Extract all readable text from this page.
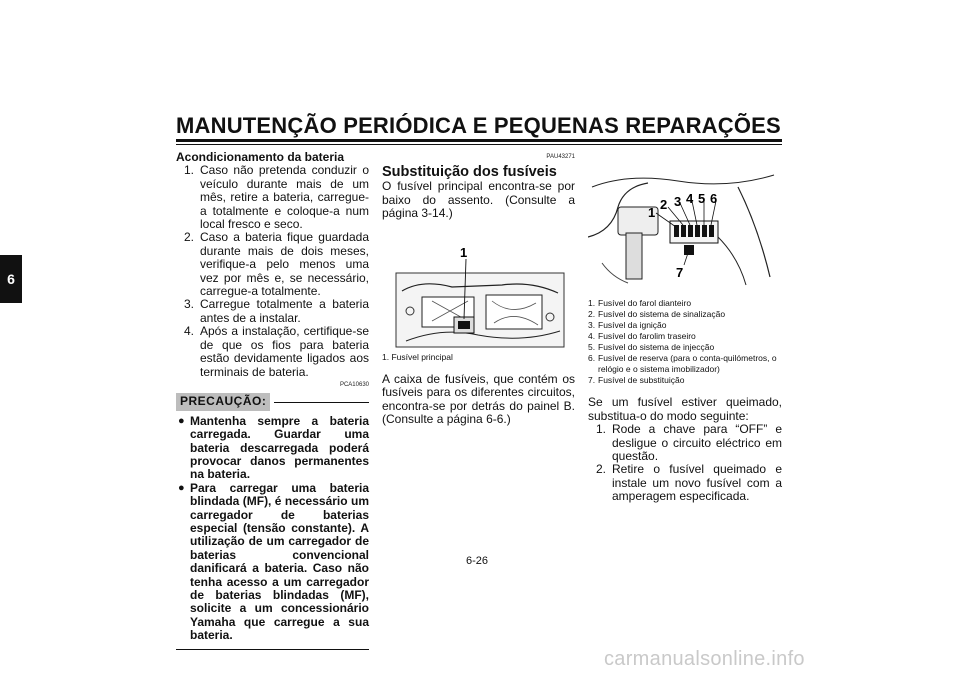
MANUTENÇÃO PERIÓDICA E PEQUENAS REPARAÇÕES
6
Acondicionamento da bateria
1. Caso não pretenda conduzir o veículo durante mais de um mês, retire a bateria, carregue-a totalmente e coloque-a num local fresco e seco.
2. Caso a bateria fique guardada durante mais de dois meses, verifique-a pelo menos uma vez por mês e, se necessário, carregue-a totalmente.
3. Carregue totalmente a bateria antes de a instalar.
4. Após a instalação, certifique-se de que os fios para bateria estão devidamente ligados aos terminais de bateria.
PCA10630
PRECAUÇÃO:
● Mantenha sempre a bateria carregada. Guardar uma bateria descarregada poderá provocar danos permanentes na bateria.
● Para carregar uma bateria blindada (MF), é necessário um carregador de baterias especial (tensão constante). A utilização de um carregador de baterias convencional danificará a bateria. Caso não tenha acesso a um carregador de baterias blindadas (MF), solicite a um concessionário Yamaha que carregue a sua bateria.
PAU43271
Substituição dos fusíveis

O fusível principal encontra-se por baixo do assento. (Consulte a página 3-14.)

1
1. Fusível principal

A caixa de fusíveis, que contém os fusíveis para os diferentes circuitos, encontra-se por detrás do painel B. (Consulte a página 6-6.)

1
2 3 4 5 6
7
1. Fusível do farol dianteiro
2. Fusível do sistema de sinalização
3. Fusível da ignição
4. Fusível do farolim traseiro
5. Fusível do sistema de injecção
6. Fusível de reserva (para o conta-quilómetros, o relógio e o sistema imobilizador)
7. Fusível de substituição

Se um fusível estiver queimado, substitua-o do modo seguinte:

1. Rode a chave para “OFF” e desligue o circuito eléctrico em questão.
2. Retire o fusível queimado e instale um novo fusível com a amperagem especificada.
6-26
carmanualsonline.info
